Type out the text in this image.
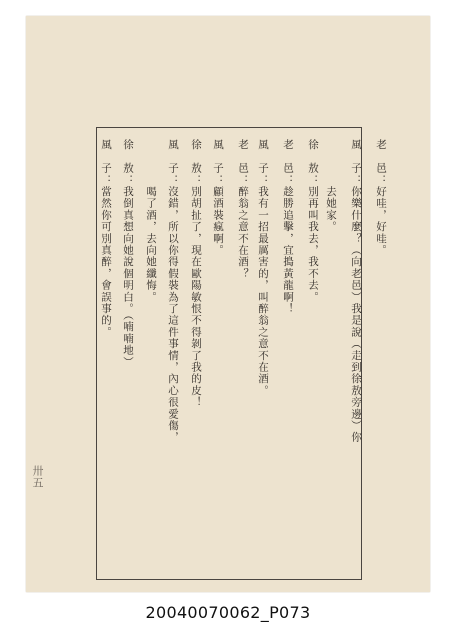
老　邑：好哇，好哇。
風　子：你樂什麼？（向老邑）我是說（走到徐敖旁邊）你
　　　　去她家。
徐　敖：別再叫我去，我不去。
老　邑：趁勝追擊，宜搗黃龍啊！
風　子：我有一招最厲害的，叫醉翁之意不在酒。
老　邑：醉翁之意不在酒？
風　子：顧酒裝瘋啊。
徐　敖：別胡扯了，現在歐陽敏恨不得剝了我的皮！
風　子：沒錯，所以你得假裝為了這件事情，內心很愛傷，
　　　　喝了酒，去向她纖悔。
徐　敖：我倒真想向她說個明白。（喃喃地）
風　子：當然你可別真醉，會誤事的。
卅五
20040070062_P073
